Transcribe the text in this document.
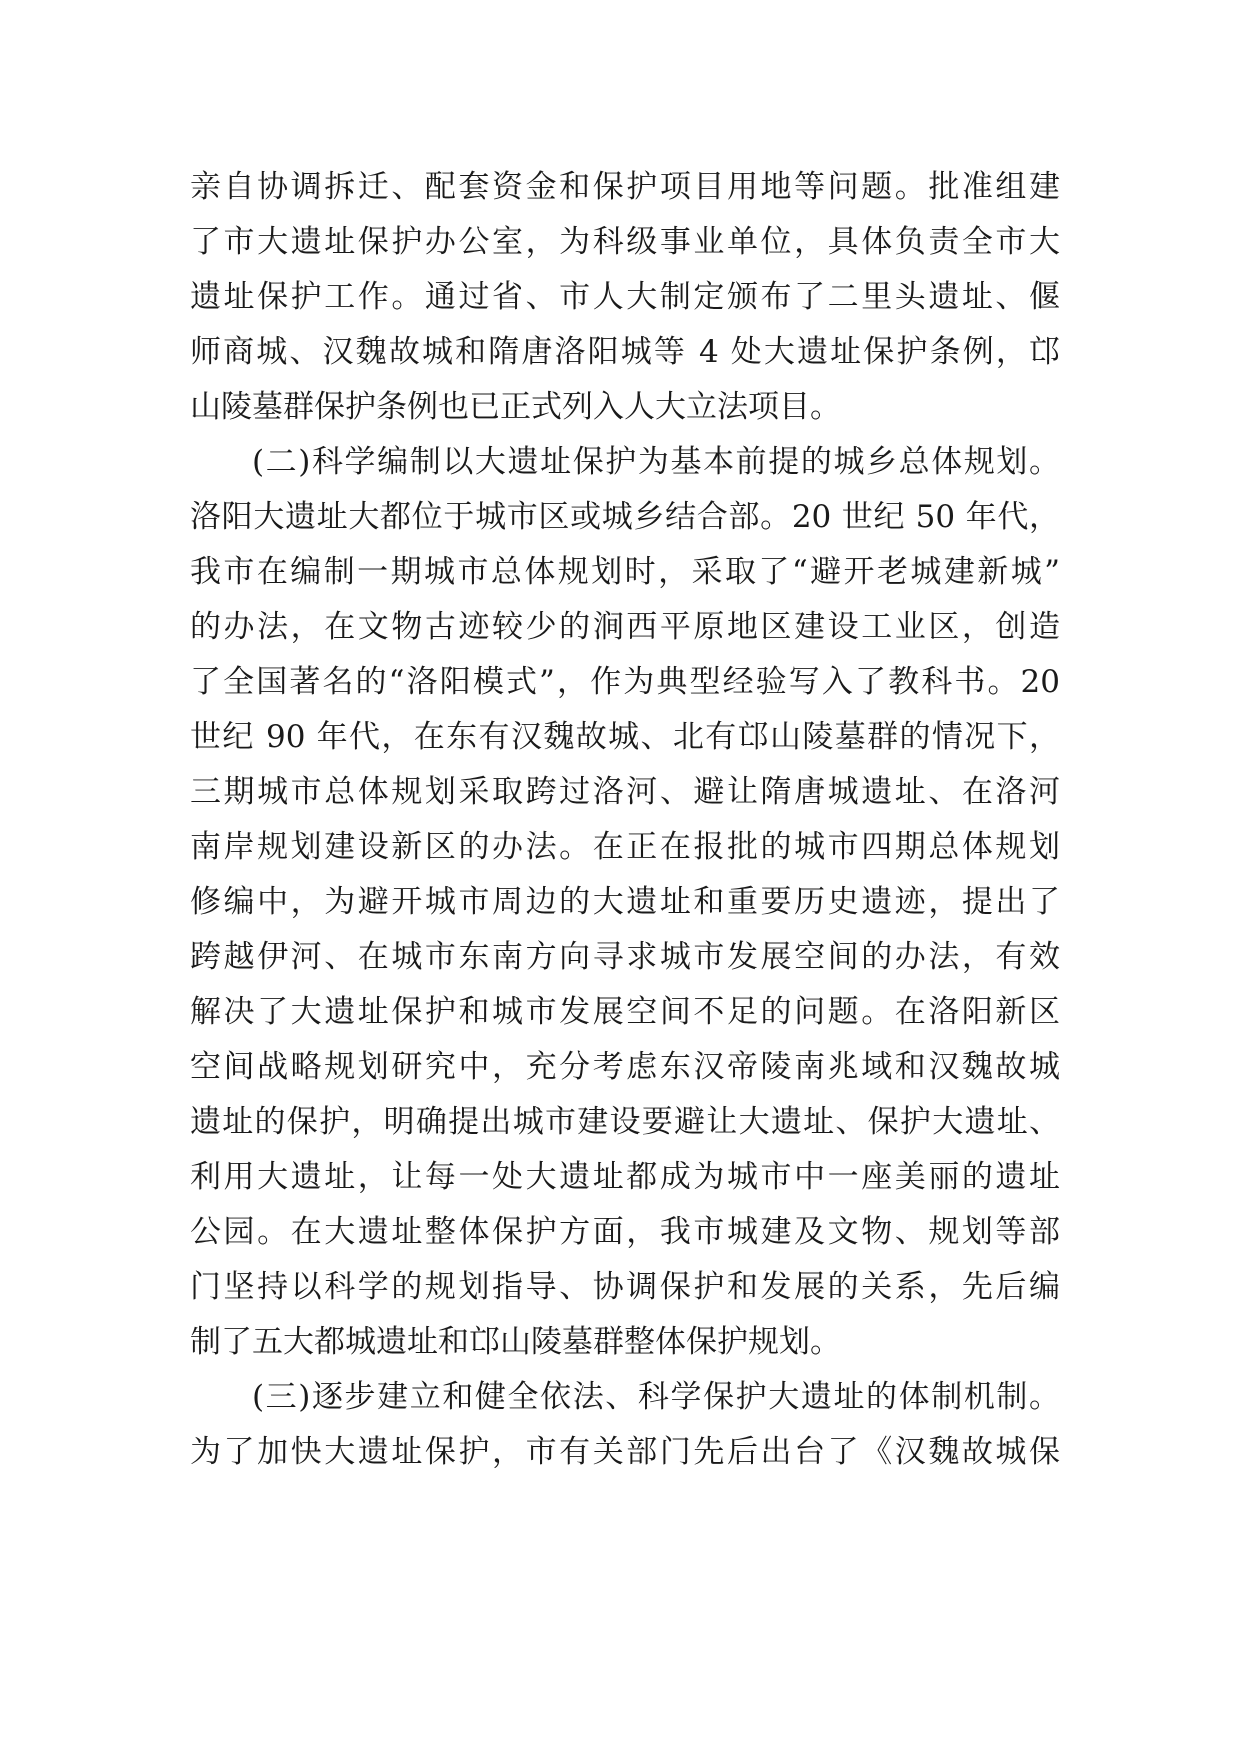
亲自协调拆迁、配套资金和保护项目用地等问题。批准组建
了市大遗址保护办公室，为科级事业单位，具体负责全市大
遗址保护工作。通过省、市人大制定颁布了二里头遗址、偃
师商城、汉魏故城和隋唐洛阳城等 4 处大遗址保护条例，邙
山陵墓群保护条例也已正式列入人大立法项目。
(二)科学编制以大遗址保护为基本前提的城乡总体规划。
洛阳大遗址大都位于城市区或城乡结合部。20 世纪 50 年代，
我市在编制一期城市总体规划时，采取了“避开老城建新城”
的办法，在文物古迹较少的涧西平原地区建设工业区，创造
了全国著名的“洛阳模式”，作为典型经验写入了教科书。20
世纪 90 年代，在东有汉魏故城、北有邙山陵墓群的情况下，
三期城市总体规划采取跨过洛河、避让隋唐城遗址、在洛河
南岸规划建设新区的办法。在正在报批的城市四期总体规划
修编中，为避开城市周边的大遗址和重要历史遗迹，提出了
跨越伊河、在城市东南方向寻求城市发展空间的办法，有效
解决了大遗址保护和城市发展空间不足的问题。在洛阳新区
空间战略规划研究中，充分考虑东汉帝陵南兆域和汉魏故城
遗址的保护，明确提出城市建设要避让大遗址、保护大遗址、
利用大遗址，让每一处大遗址都成为城市中一座美丽的遗址
公园。在大遗址整体保护方面，我市城建及文物、规划等部
门坚持以科学的规划指导、协调保护和发展的关系，先后编
制了五大都城遗址和邙山陵墓群整体保护规划。
(三)逐步建立和健全依法、科学保护大遗址的体制机制。
为了加快大遗址保护，市有关部门先后出台了《汉魏故城保
